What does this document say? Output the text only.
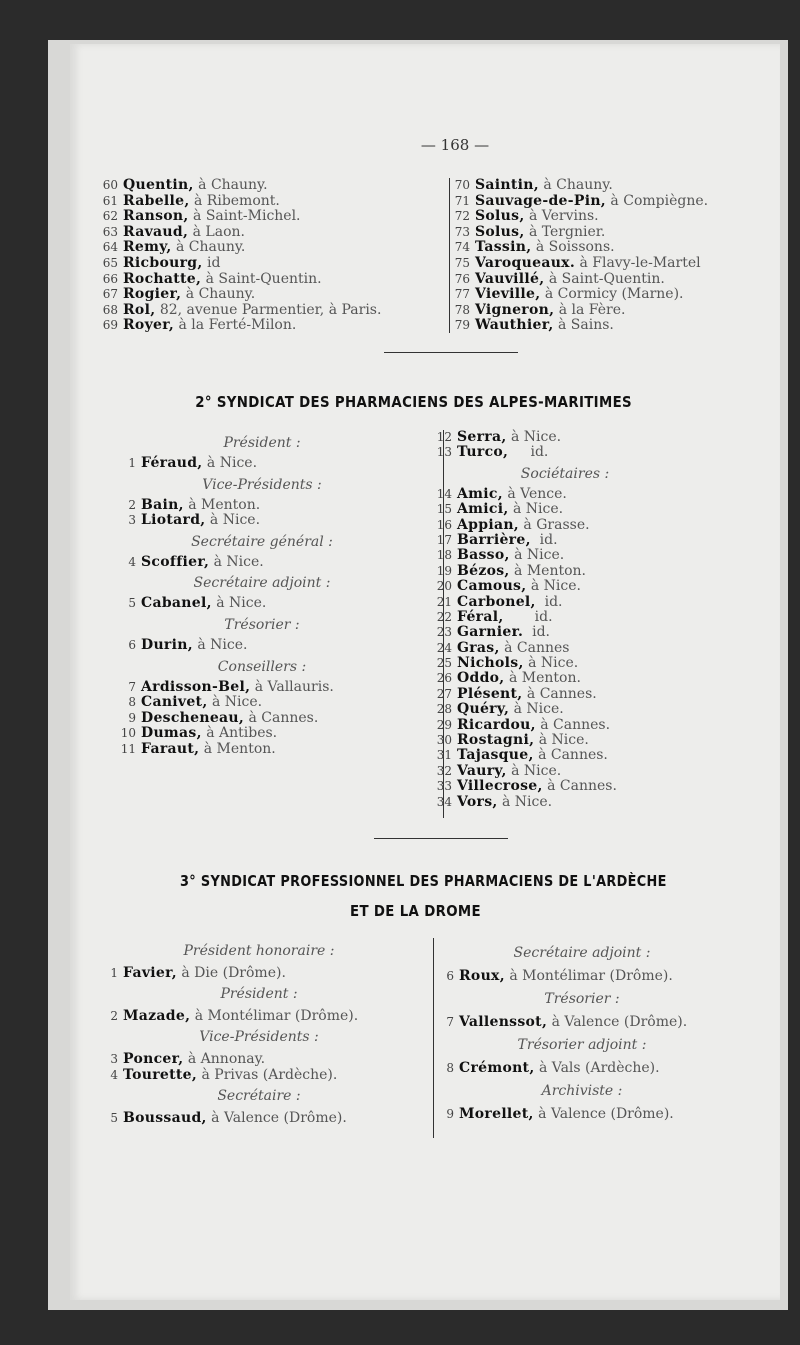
— 168 —
60 Quentin, à Chauny.
61 Rabelle, à Ribemont.
62 Ranson, à Saint-Michel.
63 Ravaud, à Laon.
64 Remy, à Chauny.
65 Ricbourg, id
66 Rochatte, à Saint-Quentin.
67 Rogier, à Chauny.
68 Rol, 82, avenue Parmentier, à Paris.
69 Royer, à la Ferté-Milon.
70 Saintin, à Chauny.
71 Sauvage-de-Pin, à Compiègne.
72 Solus, à Vervins.
73 Solus, à Tergnier.
74 Tassin, à Soissons.
75 Varoqueaux. à Flavy-le-Martel
76 Vauvillé, à Saint-Quentin.
77 Vieville, à Cormicy (Marne).
78 Vigneron, à la Fère.
79 Wauthier, à Sains.
2° SYNDICAT DES PHARMACIENS DES ALPES-MARITIMES
Président :
1 Féraud, à Nice.
Vice-Présidents :
2 Bain, à Menton.
3 Liotard, à Nice.
Secrétaire général :
4 Scoffier, à Nice.
Secrétaire adjoint :
5 Cabanel, à Nice.
Trésorier :
6 Durin, à Nice.
Conseillers :
7 Ardisson-Bel, à Vallauris.
8 Canivet, à Nice.
9 Descheneau, à Cannes.
10 Dumas, à Antibes.
11 Faraut, à Menton.
12 Serra, à Nice.
13 Turco,     id.
Sociétaires :
14 Amic, à Vence.
15 Amici, à Nice.
16 Appian, à Grasse.
17 Barrière,  id.
18 Basso, à Nice.
19 Bézos, à Menton.
20 Camous, à Nice.
21 Carbonel,  id.
22 Féral,       id.
23 Garnier.  id.
24 Gras, à Cannes
25 Nichols, à Nice.
26 Oddo, à Menton.
27 Plésent, à Cannes.
28 Quéry, à Nice.
29 Ricardou, à Cannes.
30 Rostagni, à Nice.
31 Tajasque, à Cannes.
32 Vaury, à Nice.
33 Villecrose, à Cannes.
34 Vors, à Nice.
3° SYNDICAT PROFESSIONNEL DES PHARMACIENS DE L'ARDÈCHE
ET DE LA DROME
Président honoraire :
1 Favier, à Die (Drôme).
Président :
2 Mazade, à Montélimar (Drôme).
Vice-Présidents :
3 Poncer, à Annonay.
4 Tourette, à Privas (Ardèche).
Secrétaire :
5 Boussaud, à Valence (Drôme).
Secrétaire adjoint :
6 Roux, à Montélimar (Drôme).
Trésorier :
7 Vallenssot, à Valence (Drôme).
Trésorier adjoint :
8 Crémont, à Vals (Ardèche).
Archiviste :
9 Morellet, à Valence (Drôme).
